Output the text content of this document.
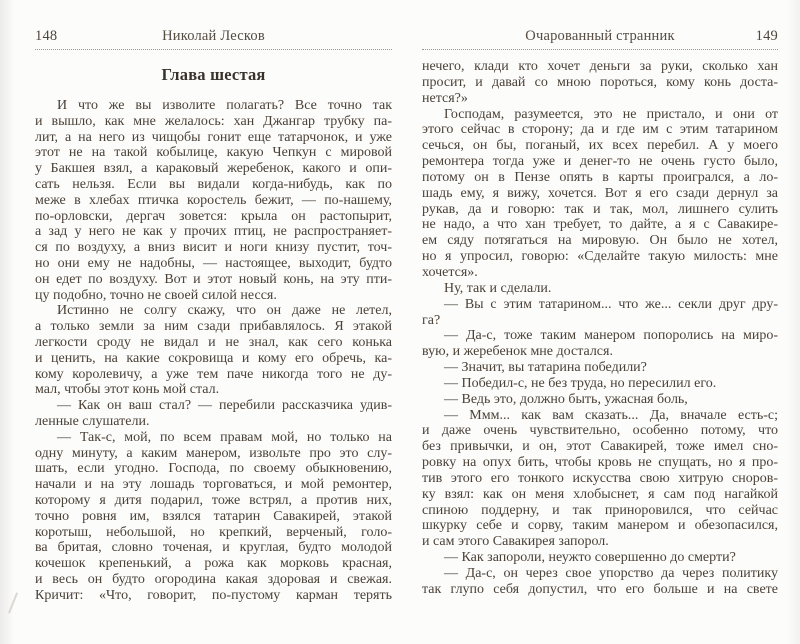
148	Николай Лесков
Глава шестая
И что же вы изволите полагать? Все точно так
и вышло, как мне желалось: хан Джангар трубку па-
лит, а на него из чищобы гонит еще татарчонок, и уже
этот не на такой кобылице, какую Чепкун с мировой
у Бакшея взял, а караковый жеребенок, какого и опи-
сать нельзя. Если вы видали когда-нибудь, как по
меже в хлебах птичка коростель бежит, — по-нашему,
по-орловски, дергач зовется: крыла он растопырит,
а зад у него не как у прочих птиц, не распространяет-
ся по воздуху, а вниз висит и ноги книзу пустит, точ-
но они ему не надобны, — настоящее, выходит, будто
он едет по воздуху. Вот и этот новый конь, на эту пти-
цу подобно, точно не своей силой несся.
Истинно не солгу скажу, что он даже не летел,
а только земли за ним сзади прибавлялось. Я этакой
легкости сроду не видал и не знал, как сего конька
и ценить, на какие сокровища и кому его обречь, ка-
кому королевичу, а уже тем паче никогда того не ду-
мал, чтобы этот конь мой стал.
— Как он ваш стал? — перебили рассказчика удив-
ленные слушатели.
— Так-с, мой, по всем правам мой, но только на
одну минуту, а каким манером, извольте про это слу-
шать, если угодно. Господа, по своему обыкновению,
начали и на эту лошадь торговаться, и мой ремонтер,
которому я дитя подарил, тоже встрял, а против них,
точно ровня им, взялся татарин Савакирей, этакой
коротыш, небольшой, но крепкий, верченый, голо-
ва бритая, словно точеная, и круглая, будто молодой
кочешок крепенький, а рожа как морковь красная,
и весь он будто огородина какая здоровая и свежая.
Кричит: «Что, говорит, по-пустому карман терять
Очарованный странник	149
нечего, клади кто хочет деньги за руки, сколько хан
просит, и давай со мною пороться, кому конь доста-
нется?»
Господам, разумеется, это не пристало, и они от
этого сейчас в сторону; да и где им с этим татарином
сечься, он бы, поганый, их всех перебил. А у моего
ремонтера тогда уже и денег-то не очень густо было,
потому он в Пензе опять в карты проигрался, а ло-
шадь ему, я вижу, хочется. Вот я его сзади дернул за
рукав, да и говорю: так и так, мол, лишнего сулить
не надо, а что хан требует, то дайте, а я с Савакире-
ем сяду потягаться на мировую. Он было не хотел,
но я упросил, говорю: «Сделайте такую милость: мне
хочется».
Ну, так и сделали.
— Вы с этим татарином... что же... секли друг дру-
га?
— Да-с, тоже таким манером попоролись на миро-
вую, и жеребенок мне достался.
— Значит, вы татарина победили?
— Победил-с, не без труда, но пересилил его.
— Ведь это, должно быть, ужасная боль,
— Ммм... как вам сказать... Да, вначале есть-с;
и даже очень чувствительно, особенно потому, что
без привычки, и он, этот Савакирей, тоже имел сно-
ровку на опух бить, чтобы кровь не спущать, но я про-
тив этого его тонкого искусства свою хитрую сноров-
ку взял: как он меня хлобыснет, я сам под нагайкой
спиною поддерну, и так приноровился, что сейчас
шкурку себе и сорву, таким манером и обезопасился,
и сам этого Савакирея запорол.
— Как запороли, неужто совершенно до смерти?
— Да-с, он через свое упорство да через политику
так глупо себя допустил, что его больше и на свете
